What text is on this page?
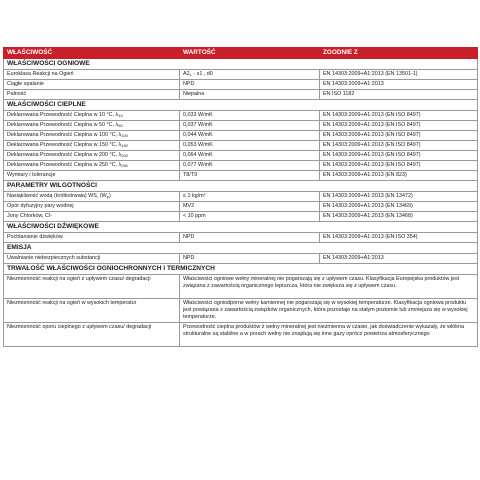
WŁAŚCIWOŚĆ	WARTOŚĆ	ZGODNIE Z
WŁAŚCIWOŚCI OGNIOWE		
Euroklasa Reakcji na Ogień	$A2_L - s1$ , d0	EN 14303:2009+A1:2013 (EN 13501-1)
Ciągłe spalanie	NPD	EN 14303:2009+A1:2013
Palność	Niepalna	EN ISO 1182
WŁAŚCIWOŚCI CIEPLNE		
Deklarowana Przewodność Cieplna w 10 °C, $\lambda_{10}$	0,033 W/mK	EN 14303:2009+A1:2013 (EN ISO 8497)
Deklarowana Przewodność Cieplna w 50 °C, $\lambda_{50}$	0,037 W/mK	EN 14303:2009+A1:2013 (EN ISO 8497)
Deklarowana Przewodność Cieplna w 100 °C, $\lambda_{100}$	0,044 W/mK	EN 14303:2009+A1:2013 (EN ISO 8497)
Deklarowana Przewodność Cieplna w 150 °C, $\lambda_{150}$	0,053 W/mK	EN 14303:2009+A1:2013 (EN ISO 8497)
Deklarowana Przewodność Cieplna w 200 °C, $\lambda_{200}$	0,064 W/mK	EN 14303:2009+A1:2013 (EN ISO 8497)
Deklarowana Przewodność Cieplna w 250 °C, $\lambda_{250}$	0,077 W/mK	EN 14303:2009+A1:2013 (EN ISO 8497)
Wymiary i tolerancje	T8/T9	EN 14303:2009+A1:2013 (EN 823)
PARAMETRY WILGOTNOŚCI		
Nasiąkliwość wodą (krótkotrwała) WS, $(W_p)$	≤ 1 kg/m²	EN 14303:2009+A1:2013 (EN 13472)
Opór dyfuzyjny pary wodnej	MV2	EN 14303:2009+A1:2013 (EN 13469)
Jony Chlorków, Cl-	< 10 ppm	EN 14303:2009+A1:2013 (EN 13468)
WŁAŚCIWOŚCI DŹWIĘKOWE		
Pochłanianie dźwięków	NPD	EN 14303:2009+A1:2013 (EN ISO 354)
EMISJA		
Uwalnianie niebezpiecznych substancji	NPD	EN 14303:2009+A1:2013
TRWAŁOŚĆ WŁAŚCIWOŚCI OGNIOCHRONNYCH I TERMICZNYCH		
Niezmienność reakcji na ogień z upływem czasu/ degradacji	Właściwości ogniowe wełny mineralnej nie pogarszają się z upływem czasu. Klasyfikacja Europejska produktów jest związana z zawartością organicznego lepiszcza, która nie zwiększa się z upływem czasu.	
Niezmienność reakcji na ogień w wysokich temperatur	Właściwości ogniodporne wełny kamiennej nie pogarszają się w wysokiej temperaturze. Klasyfikacja ogniowa produktu jest powiązana z zawartością związków organicznych, która pozostaje na stałym poziomie lub zmniejsza się w wysokiej temperaturze.	
Niezmienność oporu cieplnego z upływem czasu/ degradacji	Przewodność cieplna produktów z wełny mineralnej jest niezmienna w czasie, jak doświadczenie wykazały, że włókna strukturalne są stabilne a w porach wełny nie znajdują się inne gazy oprócz powietrza atmosferycznego	
